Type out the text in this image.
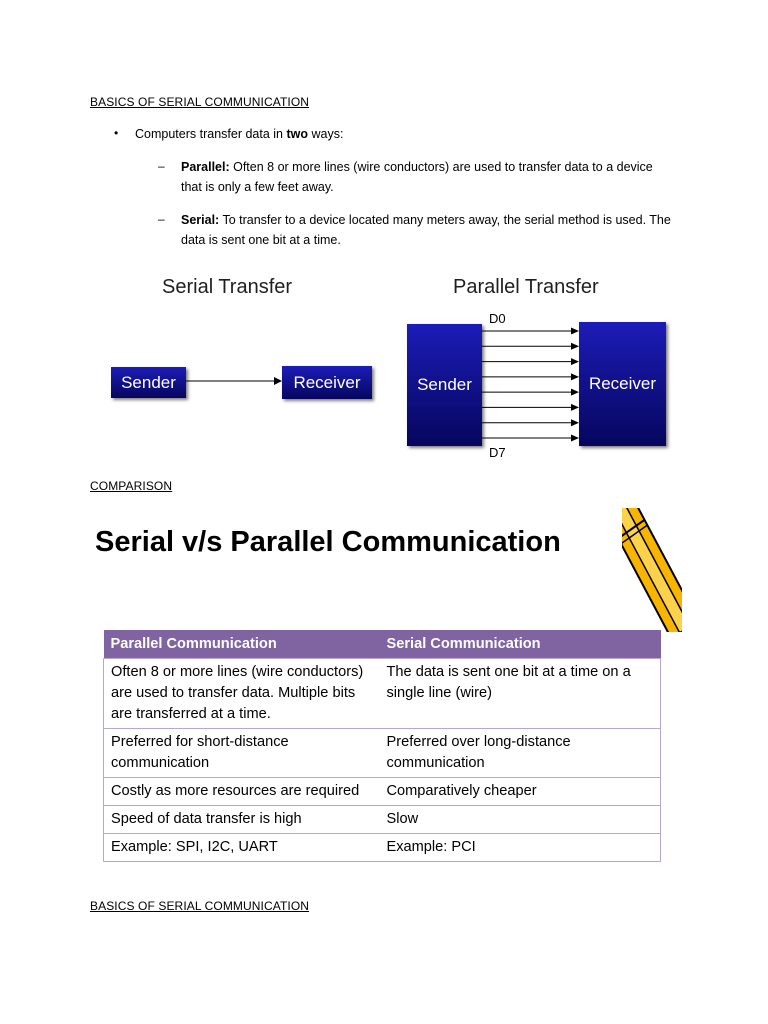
BASICS OF SERIAL COMMUNICATION
• Computers transfer data in two ways:
– Parallel: Often 8 or more lines (wire conductors) are used to transfer data to a device
that is only a few feet away.
– Serial: To transfer to a device located many meters away, the serial method is used. The
data is sent one bit at a time.
Serial Transfer
Sender	Receiver
Parallel Transfer
D0
Sender	Receiver
D7
COMPARISON
Serial v/s Parallel Communication
Parallel Communication	Serial Communication
Often 8 or more lines (wire conductors) are used to transfer data. Multiple bits are transferred at a time.	The data is sent one bit at a time on a single line (wire)
Preferred for short-distance communication	Preferred over long-distance communication
Costly as more resources are required	Comparatively cheaper
Speed of data transfer is high	Slow
Example: SPI, I2C, UART	Example: PCI
BASICS OF SERIAL COMMUNICATION
